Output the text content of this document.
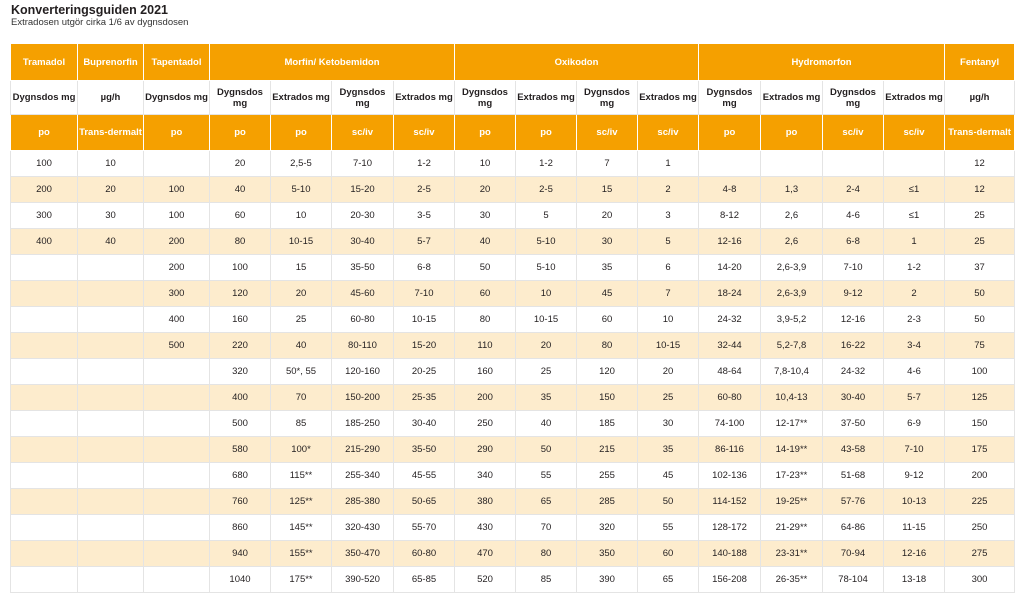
Konverteringsguiden 2021
Extradosen utgör cirka 1/6 av dygnsdosen
Tramadol	Buprenorfin	Tapentadol	Morfin/ Ketobemidon				Oxikodon				Hydromorfon				Fentanyl
Dygnsdos mg	µg/h	Dygnsdos mg	Dygnsdos mg	Extrados mg	Dygnsdos mg	Extrados mg	Dygnsdos mg	Extrados mg	Dygnsdos mg	Extrados mg	Dygnsdos mg	Extrados mg	Dygnsdos mg	Extrados mg	µg/h
po	Trans-dermalt	po	po	po	sc/iv	sc/iv	po	po	sc/iv	sc/iv	po	po	sc/iv	sc/iv	Trans-dermalt
100	10		20	2,5-5	7-10	1-2	10	1-2	7	1					12
200	20	100	40	5-10	15-20	2-5	20	2-5	15	2	4-8	1,3	2-4	≤1	12
300	30	100	60	10	20-30	3-5	30	5	20	3	8-12	2,6	4-6	≤1	25
400	40	200	80	10-15	30-40	5-7	40	5-10	30	5	12-16	2,6	6-8	1	25
		200	100	15	35-50	6-8	50	5-10	35	6	14-20	2,6-3,9	7-10	1-2	37
		300	120	20	45-60	7-10	60	10	45	7	18-24	2,6-3,9	9-12	2	50
		400	160	25	60-80	10-15	80	10-15	60	10	24-32	3,9-5,2	12-16	2-3	50
		500	220	40	80-110	15-20	110	20	80	10-15	32-44	5,2-7,8	16-22	3-4	75
			320	50*, 55	120-160	20-25	160	25	120	20	48-64	7,8-10,4	24-32	4-6	100
			400	70	150-200	25-35	200	35	150	25	60-80	10,4-13	30-40	5-7	125
			500	85	185-250	30-40	250	40	185	30	74-100	12-17**	37-50	6-9	150
			580	100*	215-290	35-50	290	50	215	35	86-116	14-19**	43-58	7-10	175
			680	115**	255-340	45-55	340	55	255	45	102-136	17-23**	51-68	9-12	200
			760	125**	285-380	50-65	380	65	285	50	114-152	19-25**	57-76	10-13	225
			860	145**	320-430	55-70	430	70	320	55	128-172	21-29**	64-86	11-15	250
			940	155**	350-470	60-80	470	80	350	60	140-188	23-31**	70-94	12-16	275
			1040	175**	390-520	65-85	520	85	390	65	156-208	26-35**	78-104	13-18	300
